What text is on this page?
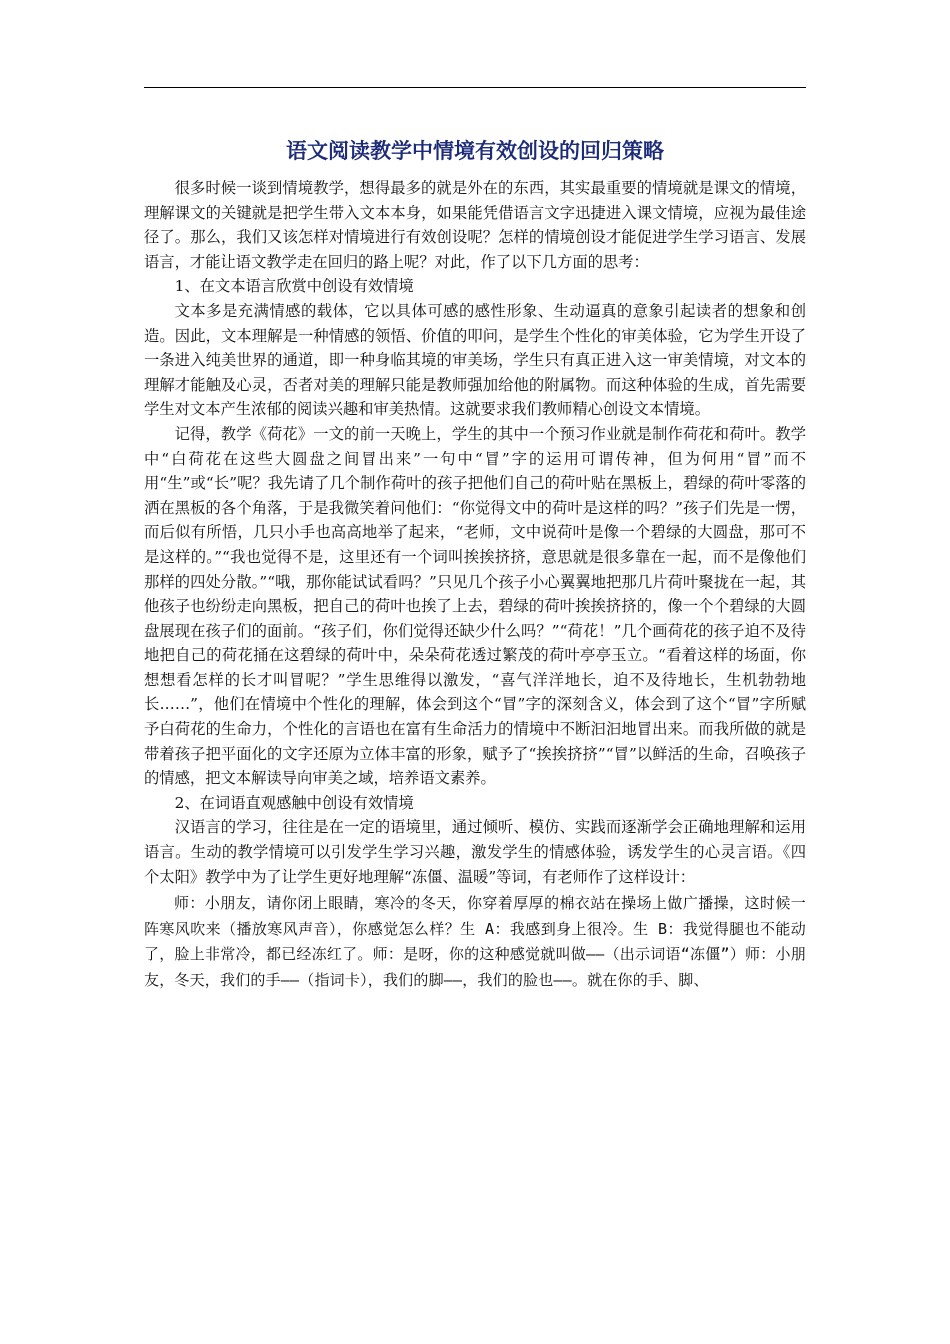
语文阅读教学中情境有效创设的回归策略

很多时候一谈到情境教学，想得最多的就是外在的东西，其实最重要的情境就是课文的情境，理解课文的关键就是把学生带入文本本身，如果能凭借语言文字迅捷进入课文情境，应视为最佳途径了。那么，我们又该怎样对情境进行有效创设呢？怎样的情境创设才能促进学生学习语言、发展语言，才能让语文教学走在回归的路上呢？对此，作了以下几方面的思考：

1、在文本语言欣赏中创设有效情境

文本多是充满情感的载体，它以具体可感的感性形象、生动逼真的意象引起读者的想象和创造。因此，文本理解是一种情感的领悟、价值的叩问，是学生个性化的审美体验，它为学生开设了一条进入纯美世界的通道，即一种身临其境的审美场，学生只有真正进入这一审美情境，对文本的理解才能触及心灵，否者对美的理解只能是教师强加给他的附属物。而这种体验的生成，首先需要学生对文本产生浓郁的阅读兴趣和审美热情。这就要求我们教师精心创设文本情境。

记得，教学《荷花》一文的前一天晚上，学生的其中一个预习作业就是制作荷花和荷叶。教学中“白荷花在这些大圆盘之间冒出来”一句中“冒”字的运用可谓传神，但为何用“冒”而不用“生”或“长”呢？我先请了几个制作荷叶的孩子把他们自己的荷叶贴在黑板上，碧绿的荷叶零落的洒在黑板的各个角落，于是我微笑着问他们：“你觉得文中的荷叶是这样的吗？”孩子们先是一愣，而后似有所悟，几只小手也高高地举了起来，“老师，文中说荷叶是像一个碧绿的大圆盘，那可不是这样的。”“我也觉得不是，这里还有一个词叫挨挨挤挤，意思就是很多靠在一起，而不是像他们那样的四处分散。”“哦，那你能试试看吗？”只见几个孩子小心翼翼地把那几片荷叶聚拢在一起，其他孩子也纷纷走向黑板，把自己的荷叶也挨了上去，碧绿的荷叶挨挨挤挤的，像一个个碧绿的大圆盘展现在孩子们的面前。“孩子们，你们觉得还缺少什么吗？”“荷花！”几个画荷花的孩子迫不及待地把自己的荷花捅在这碧绿的荷叶中，朵朵荷花透过繁茂的荷叶亭亭玉立。“看着这样的场面，你想想看怎样的长才叫冒呢？”学生思维得以激发，“喜气洋洋地长，迫不及待地长，生机勃勃地长……”，他们在情境中个性化的理解，体会到这个“冒”字的深刻含义，体会到了这个“冒”字所赋予白荷花的生命力，个性化的言语也在富有生命活力的情境中不断汩汩地冒出来。而我所做的就是带着孩子把平面化的文字还原为立体丰富的形象，赋予了“挨挨挤挤”“冒”以鲜活的生命，召唤孩子的情感，把文本解读导向审美之域，培养语文素养。

2、在词语直观感触中创设有效情境

汉语言的学习，往往是在一定的语境里，通过倾听、模仿、实践而逐渐学会正确地理解和运用语言。生动的教学情境可以引发学生学习兴趣，激发学生的情感体验，诱发学生的心灵言语。《四个太阳》教学中为了让学生更好地理解“冻僵、温暖”等词，有老师作了这样设计：

师：小朋友，请你闭上眼睛，寒冷的冬天，你穿着厚厚的棉衣站在操场上做广播操，这时候一阵寒风吹来（播放寒风声音），你感觉怎么样？生 A：我感到身上很冷。生 B：我觉得腿也不能动了，脸上非常冷，都已经冻红了。师：是呀，你的这种感觉就叫做——（出示词语“冻僵”）师：小朋友，冬天，我们的手——（指词卡），我们的脚——，我们的脸也——。就在你的手、脚、
